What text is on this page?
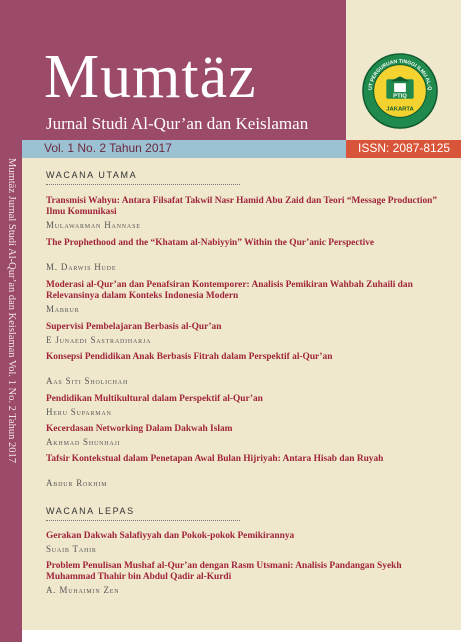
Mumtäz Jurnal Studi Al-Qur’an dan Keislaman Vol. 1 No. 2 Tahun 2017
Mumtäz
Jurnal Studi Al-Qur’an dan Keislaman
UT PERGURUAN TINGGI ILMU AL-Q
PTIQ
JAKARTA
Vol. 1 No. 2 Tahun 2017	ISSN: 2087-8125
WACANA UTAMA
Transmisi Wahyu: Antara Filsafat Takwil Nasr Hamid Abu Zaid dan Teori “Message Production” Ilmu Komunikasi
Mulawarman Hannase
The Prophethood and the “Khatam al-Nabiyyin” Within the Qur’anic Perspective
M. Darwis Hude
Moderasi al-Qur’an dan Penafsiran Kontemporer: Analisis Pemikiran Wahbah Zuhaili dan Relevansinya dalam Konteks Indonesia Modern
Mabrur
Supervisi Pembelajaran Berbasis al-Qur’an
E Junaedi Sastradiharja
Konsepsi Pendidikan Anak Berbasis Fitrah dalam Perspektif al-Qur’an
Aas Siti Sholichah
Pendidikan Multikultural dalam Perspektif al-Qur’an
Heru Suparman
Kecerdasan Networking Dalam Dakwah Islam
Akhmad Shunhaji
Tafsir Kontekstual dalam Penetapan Awal Bulan Hijriyah: Antara Hisab dan Ruyah
Abdur Rokhim
WACANA LEPAS
Gerakan Dakwah Salafiyyah dan Pokok-pokok Pemikirannya
Suaib Tahir
Problem Penulisan Mushaf al-Qur’an dengan Rasm Utsmani: Analisis Pandangan Syekh Muhammad Thahir bin Abdul Qadir al-Kurdi
A. Muhaimin Zen
